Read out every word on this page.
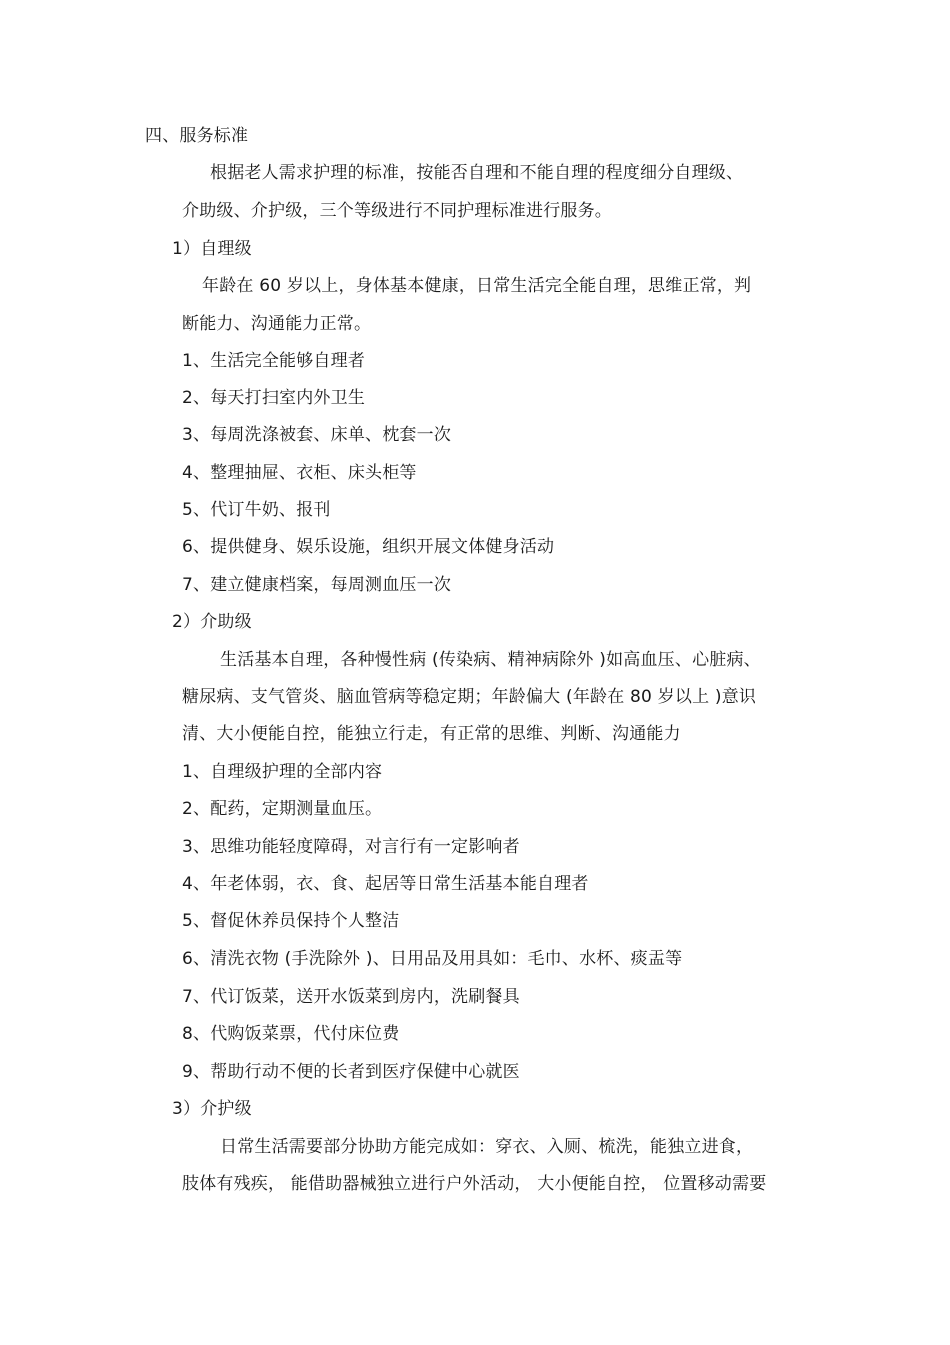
四、服务标准
根据老人需求护理的标准，按能否自理和不能自理的程度细分自理级、
介助级、介护级，三个等级进行不同护理标准进行服务。
1）自理级
年龄在 60 岁以上，身体基本健康，日常生活完全能自理，思维正常，判
断能力、沟通能力正常。
1、生活完全能够自理者
2、每天打扫室内外卫生
3、每周洗涤被套、床单、枕套一次
4、整理抽屉、衣柜、床头柜等
5、代订牛奶、报刊
6、提供健身、娱乐设施，组织开展文体健身活动
7、建立健康档案，每周测血压一次
2）介助级
生活基本自理，各种慢性病 (传染病、精神病除外 )如高血压、心脏病、
糖尿病、支气管炎、脑血管病等稳定期；年龄偏大 (年龄在 80 岁以上 )意识
清、大小便能自控，能独立行走，有正常的思维、判断、沟通能力
1、自理级护理的全部内容
2、配药，定期测量血压。
3、思维功能轻度障碍，对言行有一定影响者
4、年老体弱，衣、食、起居等日常生活基本能自理者
5、督促休养员保持个人整洁
6、清洗衣物 (手洗除外 )、日用品及用具如：毛巾、水杯、痰盂等
7、代订饭菜，送开水饭菜到房内，洗刷餐具
8、代购饭菜票，代付床位费
9、帮助行动不便的长者到医疗保健中心就医
3）介护级
日常生活需要部分协助方能完成如：穿衣、入厕、梳洗，能独立进食，
肢体有残疾， 能借助器械独立进行户外活动， 大小便能自控， 位置移动需要
